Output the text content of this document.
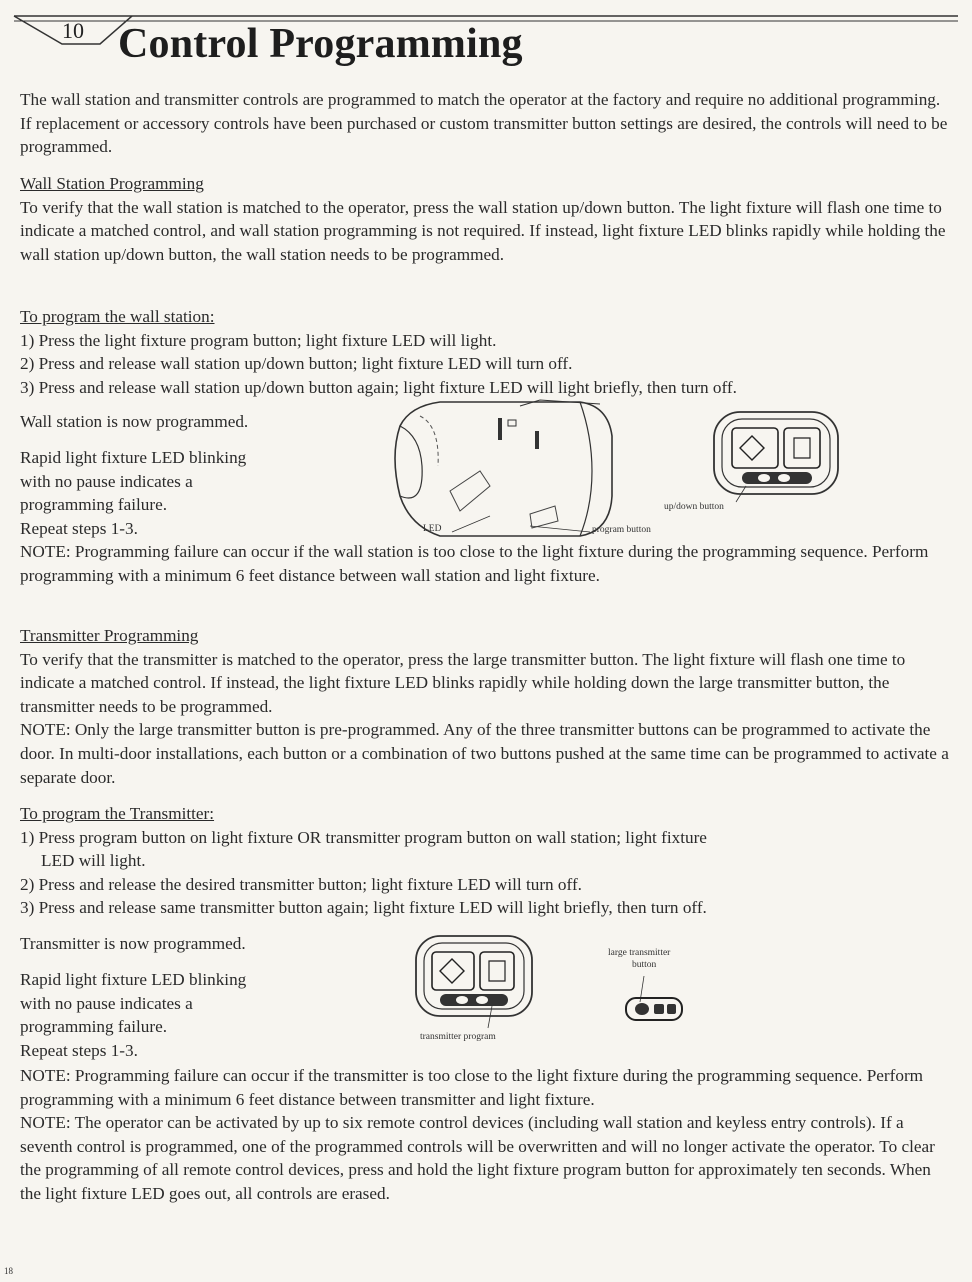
10 Control Programming

The wall station and transmitter controls are programmed to match the operator at the factory and require no additional programming. If replacement or accessory controls have been purchased or custom transmitter button settings are desired, the controls will need to be programmed.

Wall Station Programming

To verify that the wall station is matched to the operator, press the wall station up/down button. The light fixture will flash one time to indicate a matched control, and wall station programming is not required. If instead, light fixture LED blinks rapidly while holding the wall station up/down button, the wall station needs to be programmed.

To program the wall station:

1) Press the light fixture program button; light fixture LED will light.

2) Press and release wall station up/down button; light fixture LED will turn off.

3) Press and release wall station up/down button again; light fixture LED will light briefly, then turn off.

Wall station is now programmed.

Rapid light fixture LED blinking

with no pause indicates a

programming failure.

Repeat steps 1-3.	LED	program button
up/down button

NOTE: Programming failure can occur if the wall station is too close to the light fixture during the programming sequence. Perform programming with a minimum 6 feet distance between wall station and light fixture.

Transmitter Programming

To verify that the transmitter is matched to the operator, press the large transmitter button. The light fixture will flash one time to indicate a matched control. If instead, the light fixture LED blinks rapidly while holding down the large transmitter button, the transmitter needs to be programmed.

NOTE: Only the large transmitter button is pre-programmed. Any of the three transmitter buttons can be programmed to activate the door. In multi-door installations, each button or a combination of two buttons pushed at the same time can be programmed to activate a separate door.

To program the Transmitter:

1) Press program button on light fixture OR transmitter program button on wall station; light fixture

LED will light.

2) Press and release the desired transmitter button; light fixture LED will turn off.

3) Press and release same transmitter button again; light fixture LED will light briefly, then turn off.

Transmitter is now programmed.

Rapid light fixture LED blinking

with no pause indicates a

programming failure.

Repeat steps 1-3.

transmitter program
large transmitter
button

NOTE: Programming failure can occur if the transmitter is too close to the light fixture during the programming sequence. Perform programming with a minimum 6 feet distance between transmitter and light fixture.

NOTE: The operator can be activated by up to six remote control devices (including wall station and keyless entry controls). If a seventh control is programmed, one of the programmed controls will be overwritten and will no longer activate the operator. To clear the programming of all remote control devices, press and hold the light fixture program button for approximately ten seconds. When the light fixture LED goes out, all controls are erased.

18
